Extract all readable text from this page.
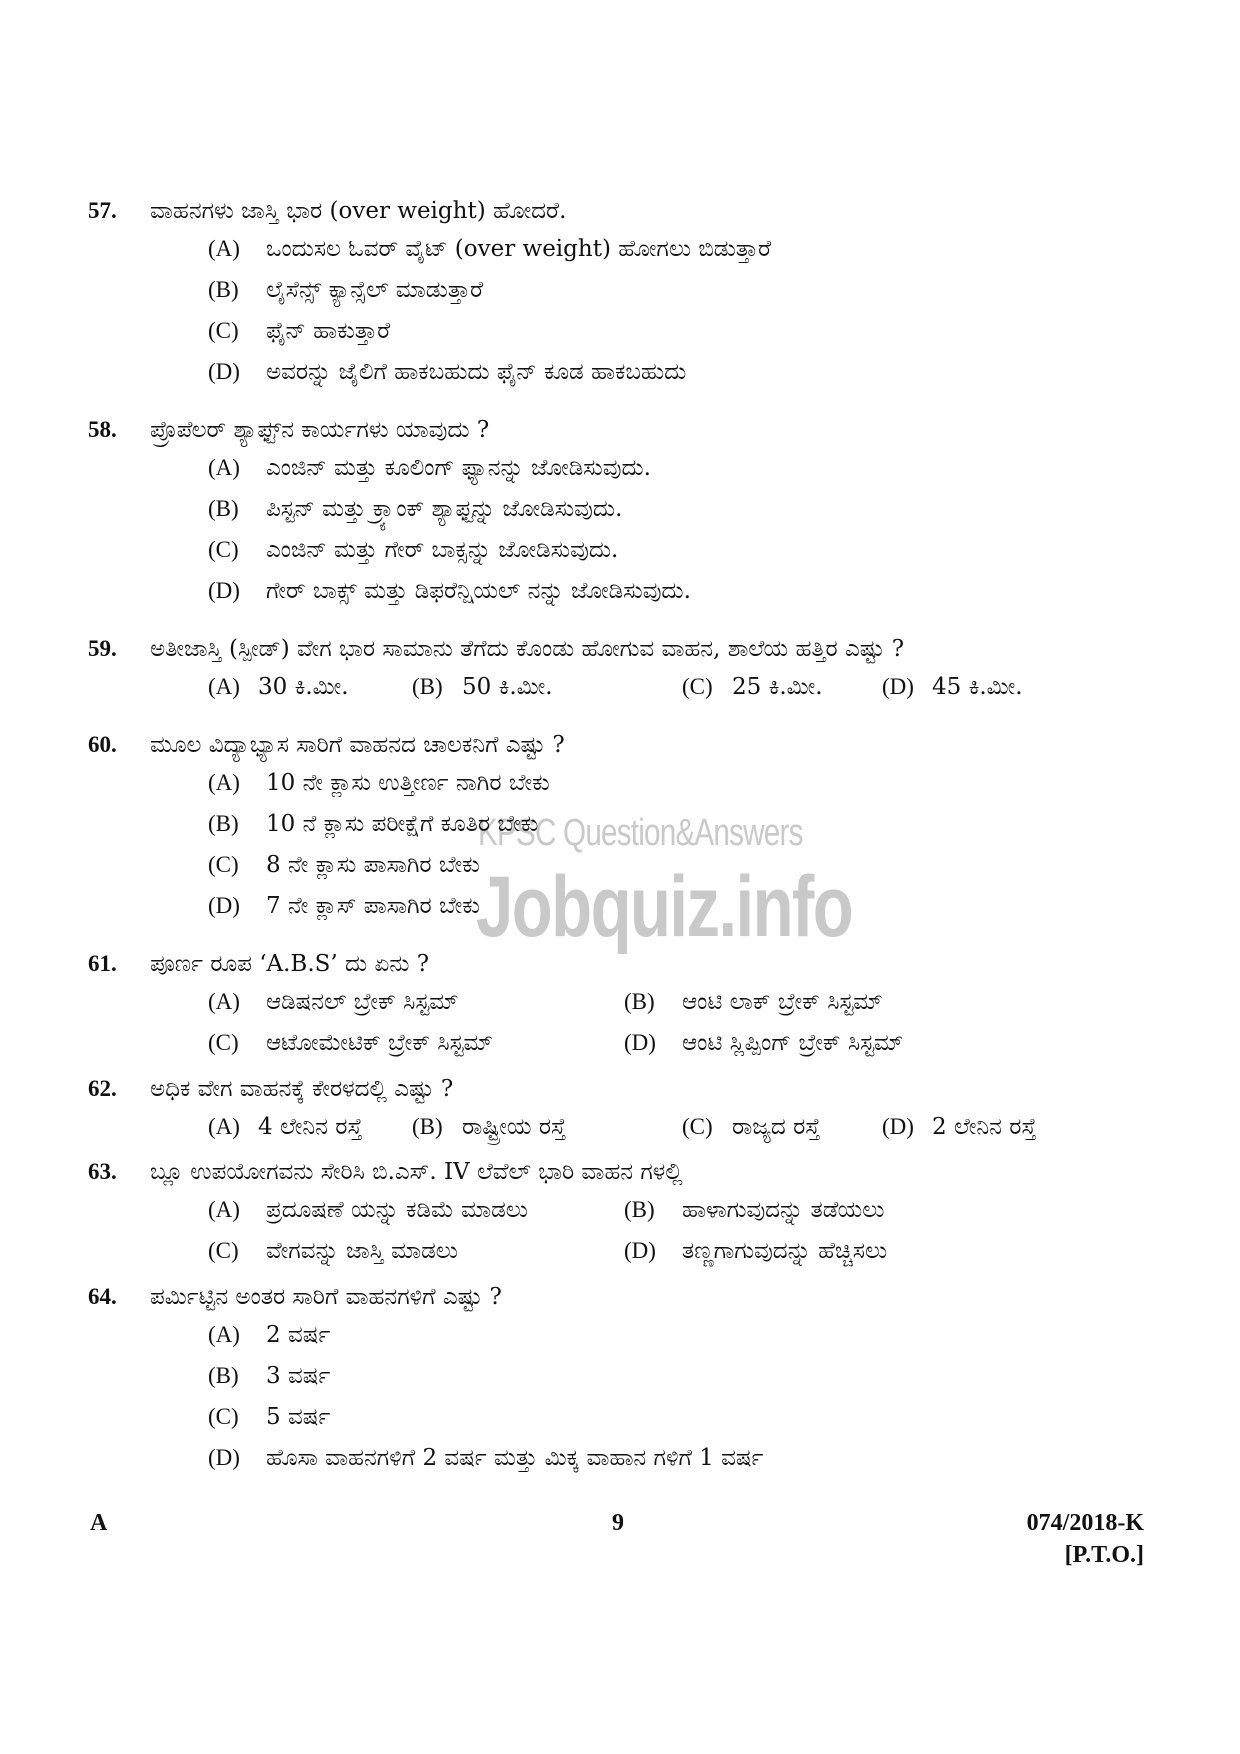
KPSC Question&Answers
Jobquiz.info
57. ವಾಹನಗಳು ಜಾಸ್ತಿ ಭಾರ (over weight) ಹೋದರೆ.
(A) ಒಂದುಸಲ ಓವರ್ ವೈಟ್ (over weight) ಹೋಗಲು ಬಿಡುತ್ತಾರೆ
(B) ಲೈಸೆನ್ಸ್ ಕ್ಯಾನ್ಸೆಲ್ ಮಾಡುತ್ತಾರೆ
(C) ಫೈನ್ ಹಾಕುತ್ತಾರೆ
(D) ಅವರನ್ನು ಜೈಲಿಗೆ ಹಾಕಬಹುದು ಫೈನ್ ಕೂಡ ಹಾಕಬಹುದು
58. ಪ್ರೊಪೆಲರ್ ಶ್ಯಾಫ್ಟ್‌ನ ಕಾರ್ಯಗಳು ಯಾವುದು ?
(A) ಎಂಜಿನ್ ಮತ್ತು ಕೂಲಿಂಗ್ ಫ್ಯಾನನ್ನು ಜೋಡಿಸುವುದು.
(B) ಪಿಸ್ಟನ್ ಮತ್ತು ಕ್ರ್ಯಾಂಕ್ ಶ್ಯಾಫ್ಟನ್ನು ಜೋಡಿಸುವುದು.
(C) ಎಂಜಿನ್ ಮತ್ತು ಗೇರ್ ಬಾಕ್ಸನ್ನು ಜೋಡಿಸುವುದು.
(D) ಗೇರ್ ಬಾಕ್ಸ್ ಮತ್ತು ಡಿಫರೆನ್ಷಿಯಲ್ ನನ್ನು ಜೋಡಿಸುವುದು.
59. ಅತೀಜಾಸ್ತಿ (ಸ್ಪೀಡ್) ವೇಗ ಭಾರ ಸಾಮಾನು ತೆಗೆದು ಕೊಂಡು ಹೋಗುವ ವಾಹನ, ಶಾಲೆಯ ಹತ್ತಿರ ಎಷ್ಟು ?
(A) 30 ಕಿ.ಮೀ.	(B) 50 ಕಿ.ಮೀ.	(C) 25 ಕಿ.ಮೀ.	(D) 45 ಕಿ.ಮೀ.
60. ಮೂಲ ವಿದ್ಯಾಭ್ಯಾಸ ಸಾರಿಗೆ ವಾಹನದ ಚಾಲಕನಿಗೆ ಎಷ್ಟು ?
(A) 10 ನೇ ಕ್ಲಾಸು ಉತ್ತೀರ್ಣ ನಾಗಿರ ಬೇಕು
(B) 10 ನೆ ಕ್ಲಾಸು ಪರೀಕ್ಷೆಗೆ ಕೂತಿರ ಬೇಕು
(C) 8 ನೇ ಕ್ಲಾಸು ಪಾಸಾಗಿರ ಬೇಕು
(D) 7 ನೇ ಕ್ಲಾಸ್ ಪಾಸಾಗಿರ ಬೇಕು
61. ಪೂರ್ಣ ರೂಪ ‘A.B.S’ ದು ಏನು ?
(A) ಆಡಿಷನಲ್ ಬ್ರೇಕ್ ಸಿಸ್ಟಮ್	(B) ಆಂಟಿ ಲಾಕ್ ಬ್ರೇಕ್ ಸಿಸ್ಟಮ್
(C) ಆಟೋಮೇಟಿಕ್ ಬ್ರೇಕ್ ಸಿಸ್ಟಮ್	(D) ಆಂಟಿ ಸ್ಲಿಪ್ಪಿಂಗ್ ಬ್ರೇಕ್ ಸಿಸ್ಟಮ್
62. ಅಧಿಕ ವೇಗ ವಾಹನಕ್ಕೆ ಕೇರಳದಲ್ಲಿ ಎಷ್ಟು ?
(A) 4 ಲೇನಿನ ರಸ್ತೆ (B) ರಾಷ್ಟ್ರೀಯ ರಸ್ತೆ	(C) ರಾಜ್ಯದ ರಸ್ತೆ	(D) 2 ಲೇನಿನ ರಸ್ತೆ
63. ಬ್ಲೂ ಉಪಯೋಗವನು ಸೇರಿಸಿ ಬಿ.ಎಸ್. IV ಲೆವೆಲ್ ಭಾರಿ ವಾಹನ ಗಳಲ್ಲಿ
(A) ಪ್ರದೂಷಣೆ ಯನ್ನು ಕಡಿಮೆ ಮಾಡಲು	(B) ಹಾಳಾಗುವುದನ್ನು ತಡೆಯಲು
(C) ವೇಗವನ್ನು ಜಾಸ್ತಿ ಮಾಡಲು	(D) ತಣ್ಣಗಾಗುವುದನ್ನು ಹೆಚ್ಚಿಸಲು
64. ಪರ್ಮಿಟ್ಟಿನ ಅಂತರ ಸಾರಿಗೆ ವಾಹನಗಳಿಗೆ ಎಷ್ಟು ?
(A) 2 ವರ್ಷ
(B) 3 ವರ್ಷ
(C) 5 ವರ್ಷ
(D) ಹೊಸಾ ವಾಹನಗಳಿಗೆ 2 ವರ್ಷ ಮತ್ತು ಮಿಕ್ಕ ವಾಹಾನ ಗಳಿಗೆ 1 ವರ್ಷ
A	9	074/2018-K
[P.T.O.]
